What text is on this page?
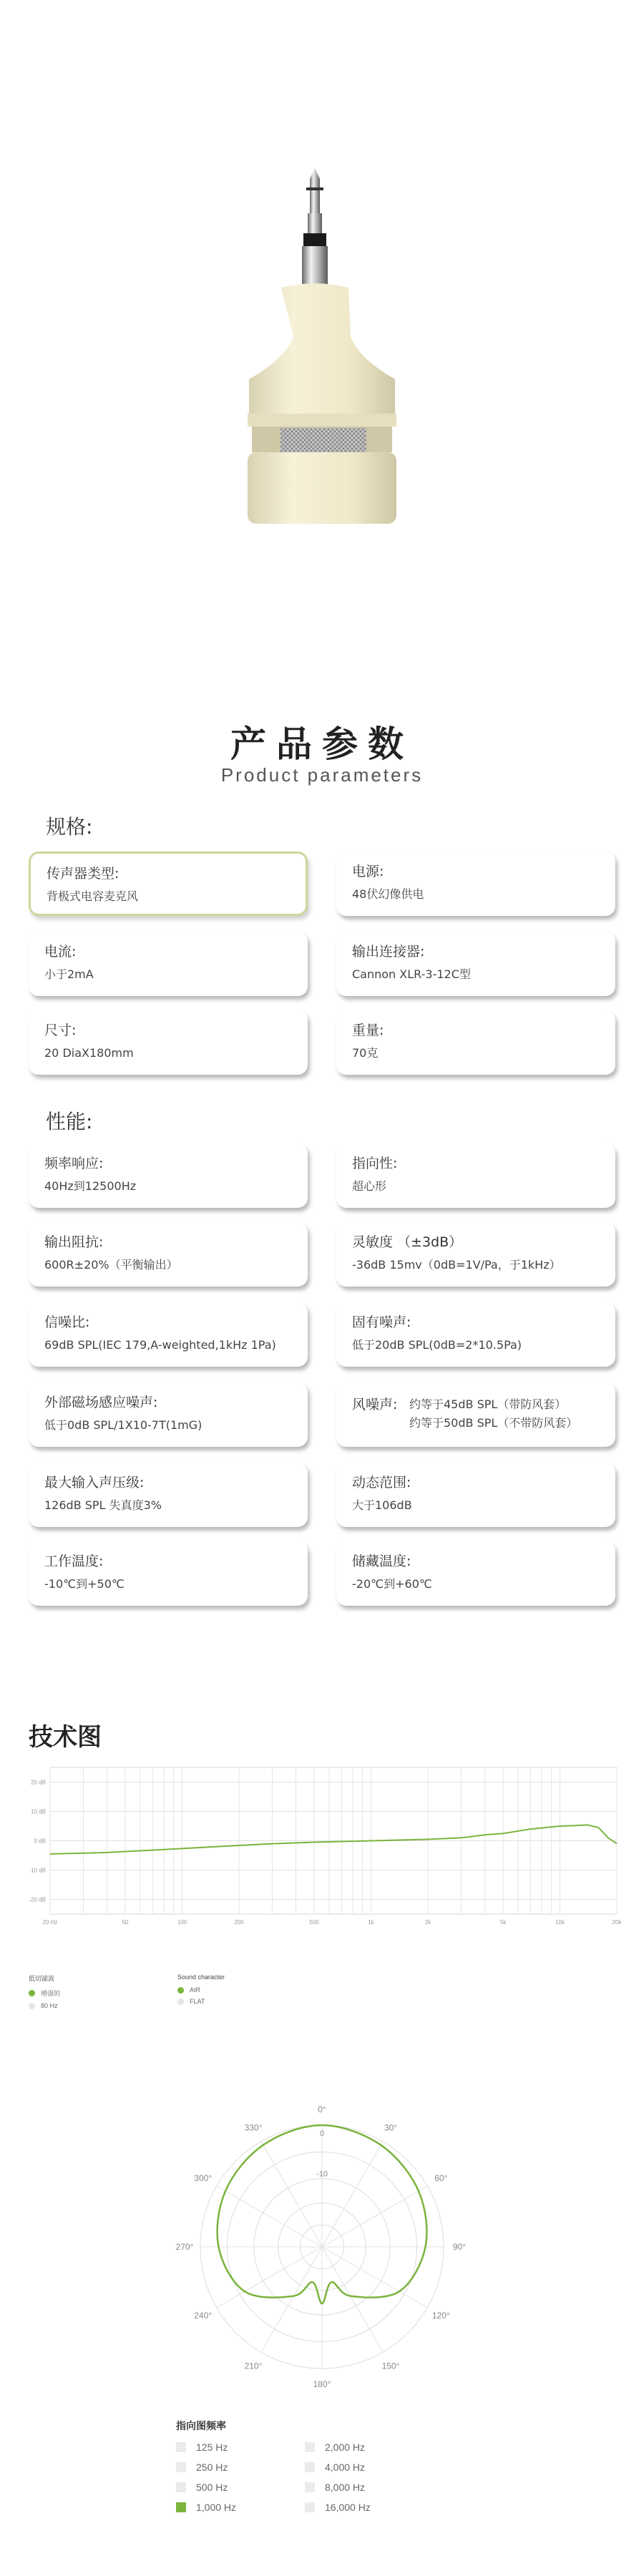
产品参数
Product parameters
规格:
传声器类型:
背极式电容麦克风
电源:
48伏幻像供电
电流:
小于2mA
输出连接器:
Cannon XLR-3-12C型
尺寸:
20 DiaX180mm
重量:
70克
性能:
频率响应:
40Hz到12500Hz
指向性:
超心形
输出阻抗:
600R±20%（平衡输出）
灵敏度 （±3dB）
-36dB 15mv（0dB=1V/Pa，于1kHz）
信噪比:
69dB SPL(IEC 179,A-weighted,1kHz 1Pa)
固有噪声:
低于20dB SPL(0dB=2*10.5Pa)
外部磁场感应噪声:
低于0dB SPL/1X10-7T(1mG)
风噪声:	约等于45dB SPL（带防风套）
约等于50dB SPL（不带防风套）
最大输入声压级:
126dB SPL 失真度3%
动态范围:
大于106dB
工作温度:
-10℃到+50℃
储藏温度:
-20℃到+60℃
技术图
20 dB
10 dB
0 dB
-10 dB
-20 dB
20 Hz	50	100	200	500	1k	2k	5k	10k	20k
低切滤波
增强的
80 Hz
Sound character
AIR
FLAT
0°
30°
60°
90°
120°
150°
180°
210°
240°
270°
300°
330°
0
-10
指向图频率
125 Hz	2,000 Hz
250 Hz	4,000 Hz
500 Hz	8,000 Hz
1,000 Hz	16,000 Hz
